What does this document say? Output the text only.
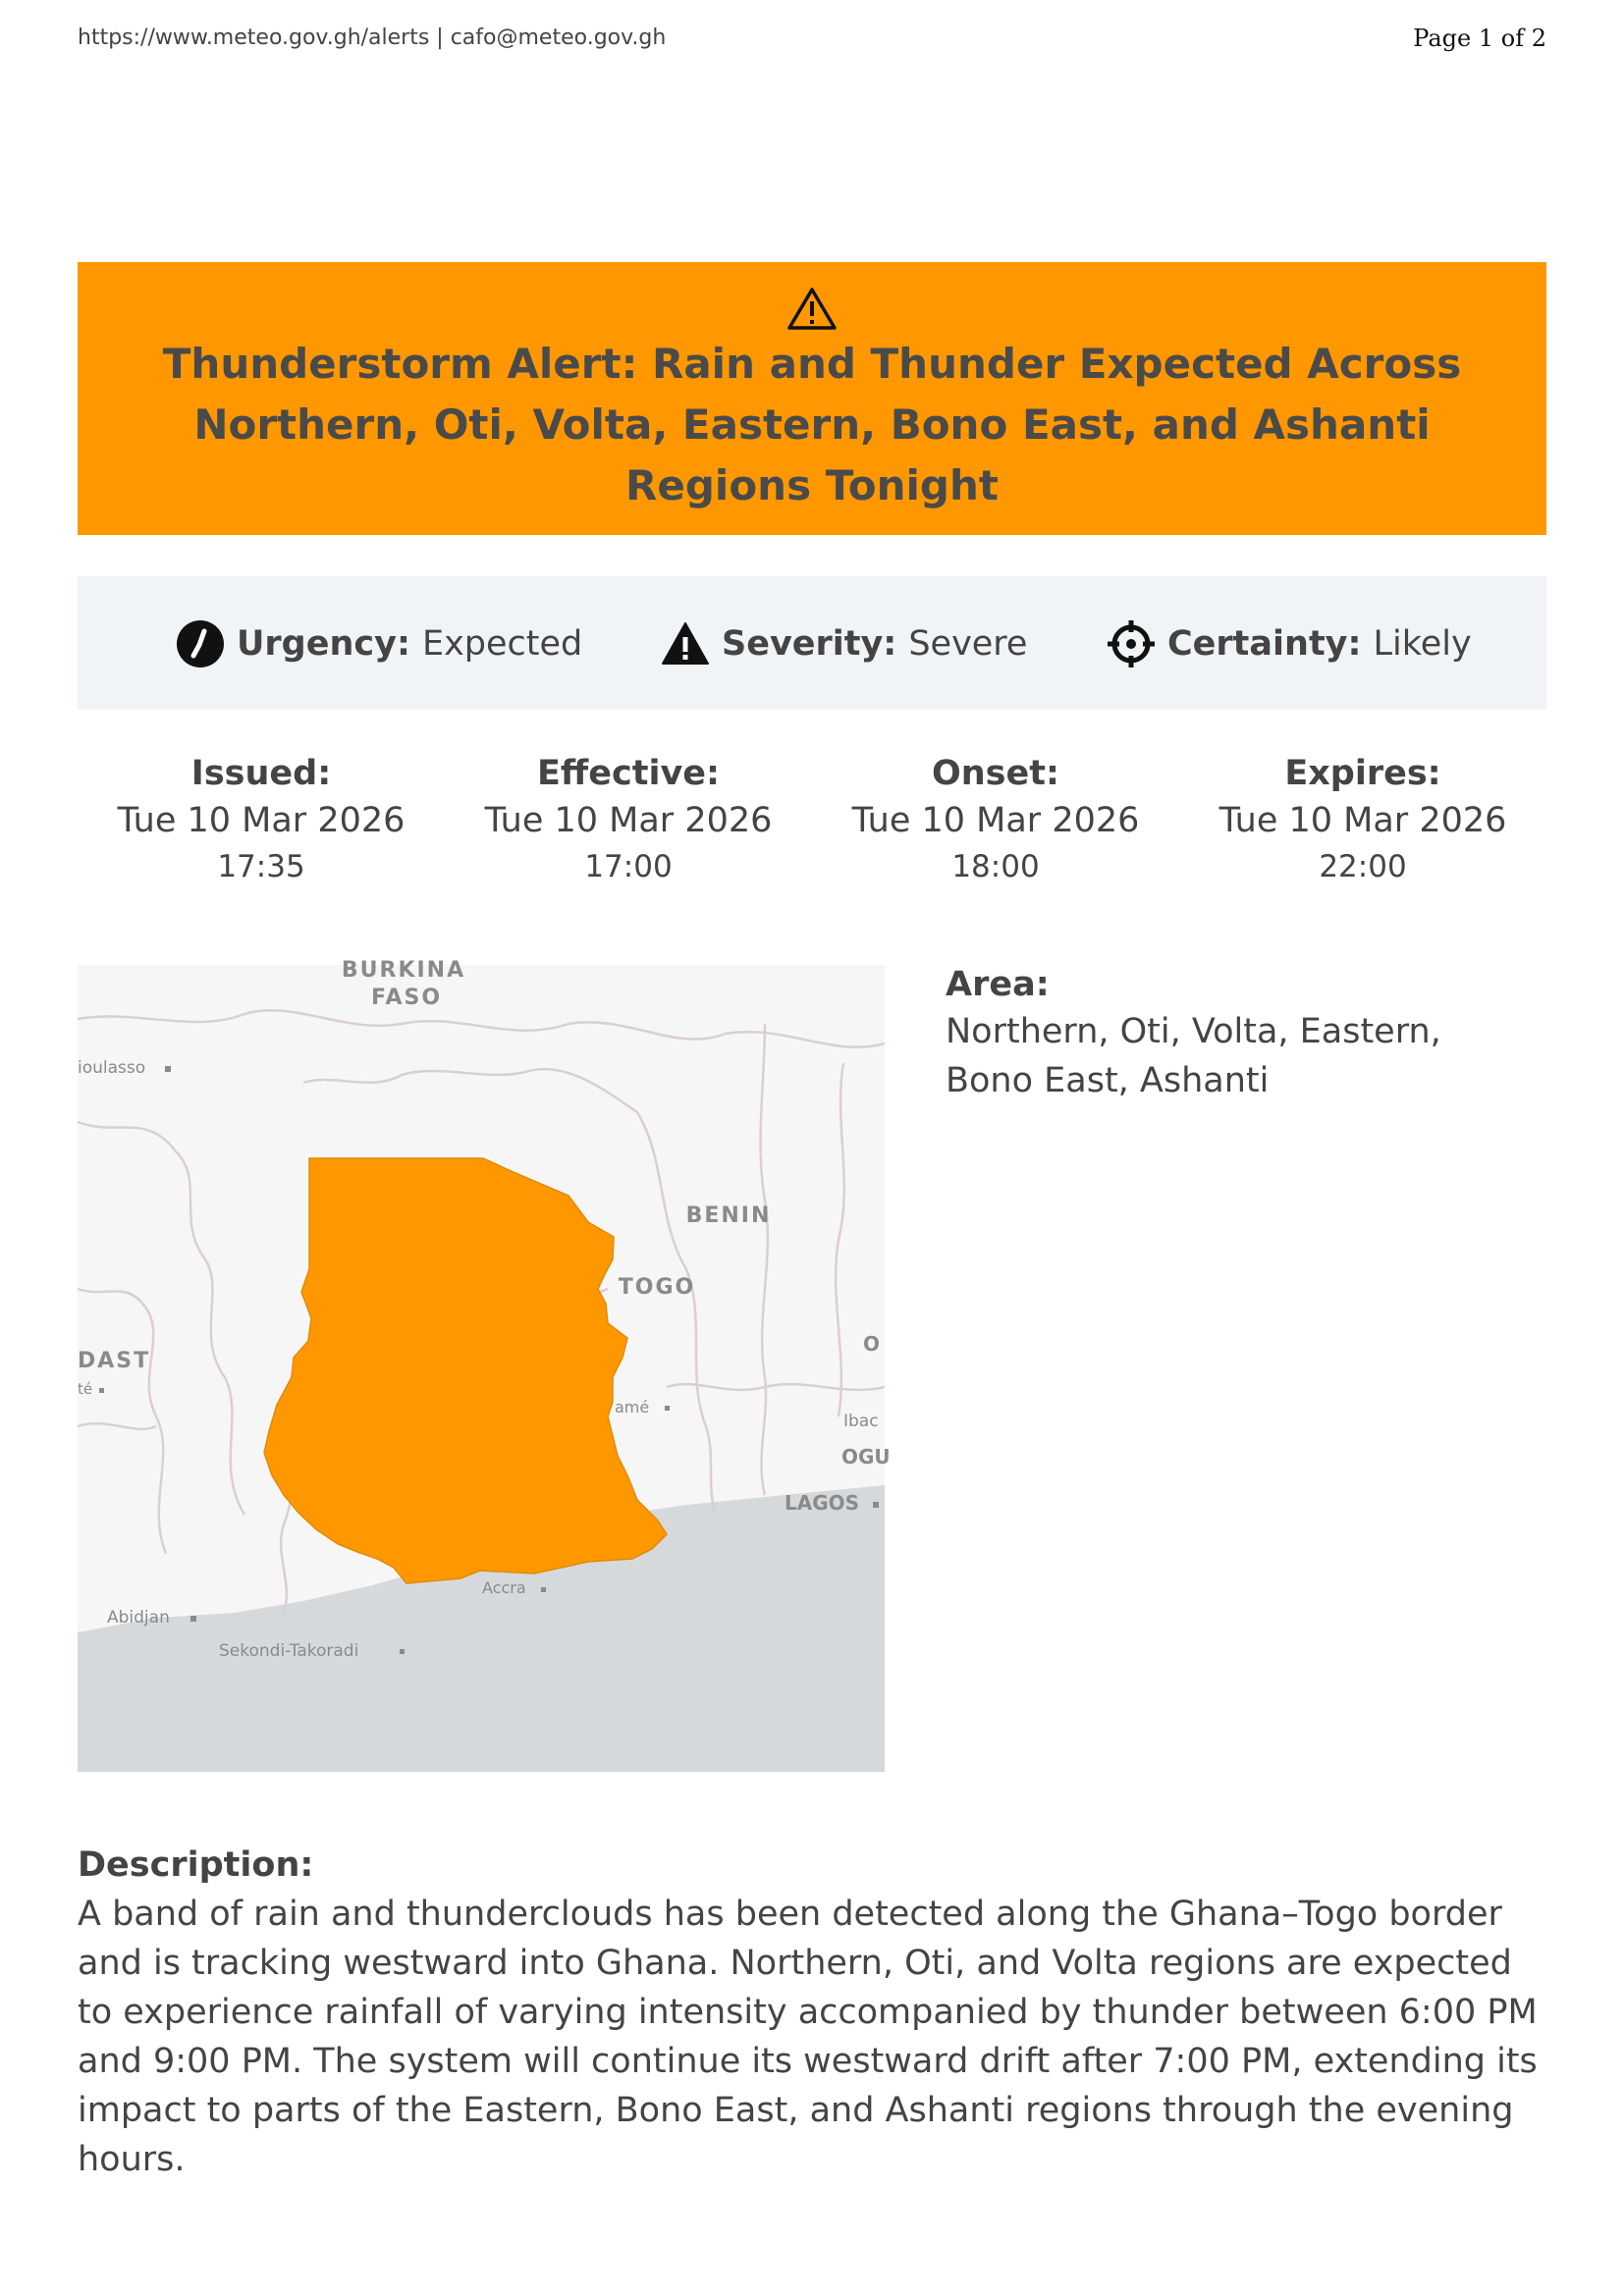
https://www.meteo.gov.gh/alerts | cafo@meteo.gov.gh	Page 1 of 2
Thunderstorm Alert: Rain and Thunder Expected Across Northern, Oti, Volta, Eastern, Bono East, and Ashanti Regions Tonight
Urgency: Expected	Severity: Severe	Certainty: Likely
Issued:
Tue 10 Mar 2026
17:35
Effective:
Tue 10 Mar 2026
17:00
Onset:
Tue 10 Mar 2026
18:00
Expires:
Tue 10 Mar 2026
22:00
BURKINA
FASO
ioulasso
BENIN
TOGO
DAST
té
amé
O
Ibac
OGU
LAGOS
Accra
Abidjan
Sekondi-Takoradi
Area:
Northern, Oti, Volta, Eastern, Bono East, Ashanti
Description:
A band of rain and thunderclouds has been detected along the Ghana–Togo border and is tracking westward into Ghana. Northern, Oti, and Volta regions are expected to experience rainfall of varying intensity accompanied by thunder between 6:00 PM and 9:00 PM. The system will continue its westward drift after 7:00 PM, extending its impact to parts of the Eastern, Bono East, and Ashanti regions through the evening hours.
